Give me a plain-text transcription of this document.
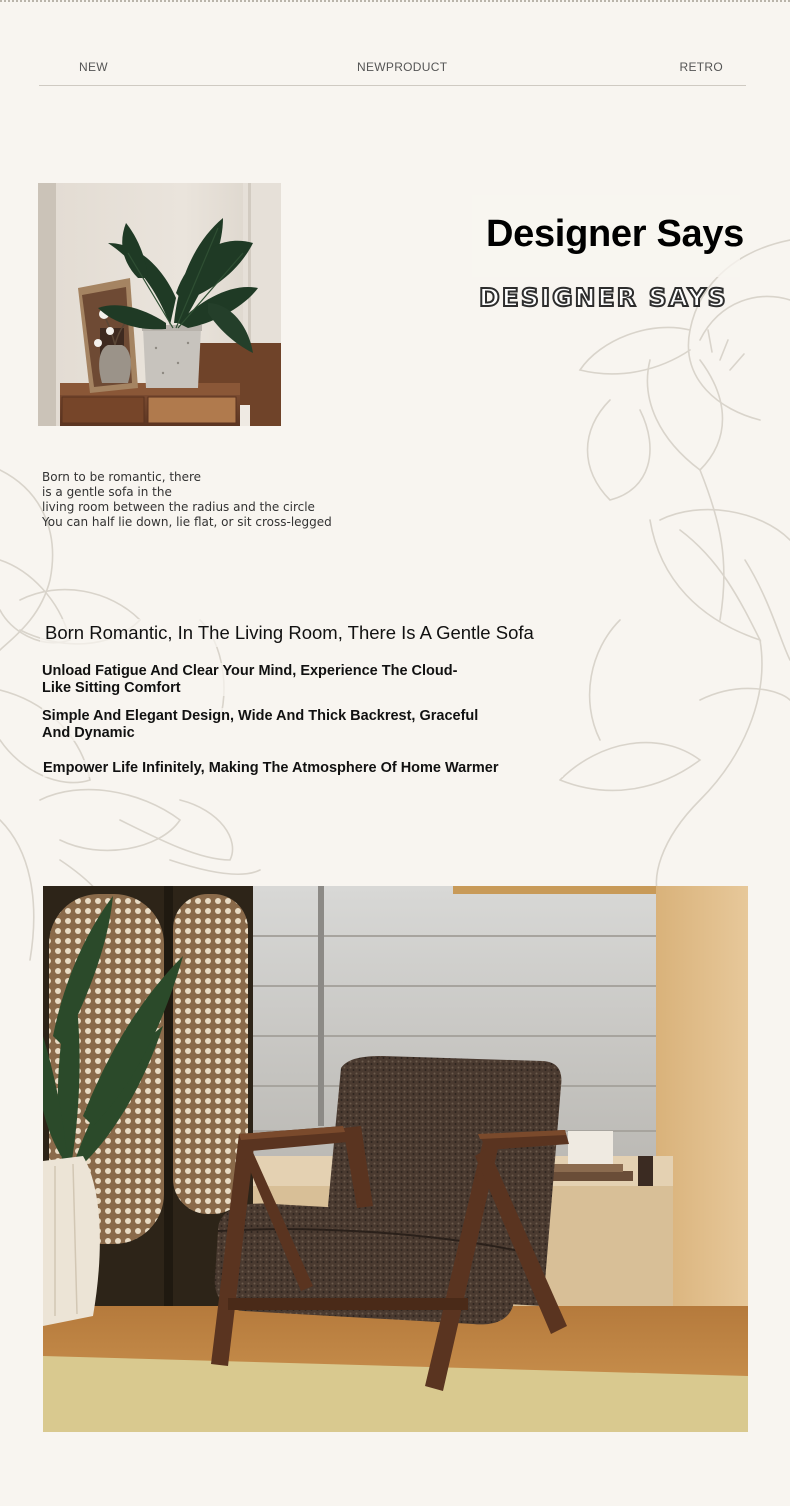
NEW	NEWPRODUCT	RETRO
Designer Says
DESIGNER SAYS
Born to be romantic, there
is a gentle sofa in the
living room between the radius and the circle
You can half lie down, lie flat, or sit cross-legged
Born Romantic, In The Living Room, There Is A Gentle Sofa
Unload Fatigue And Clear Your Mind, Experience The Cloud-Like Sitting Comfort
Simple And Elegant Design, Wide And Thick Backrest, Graceful And Dynamic
Empower Life Infinitely, Making The Atmosphere Of Home Warmer
